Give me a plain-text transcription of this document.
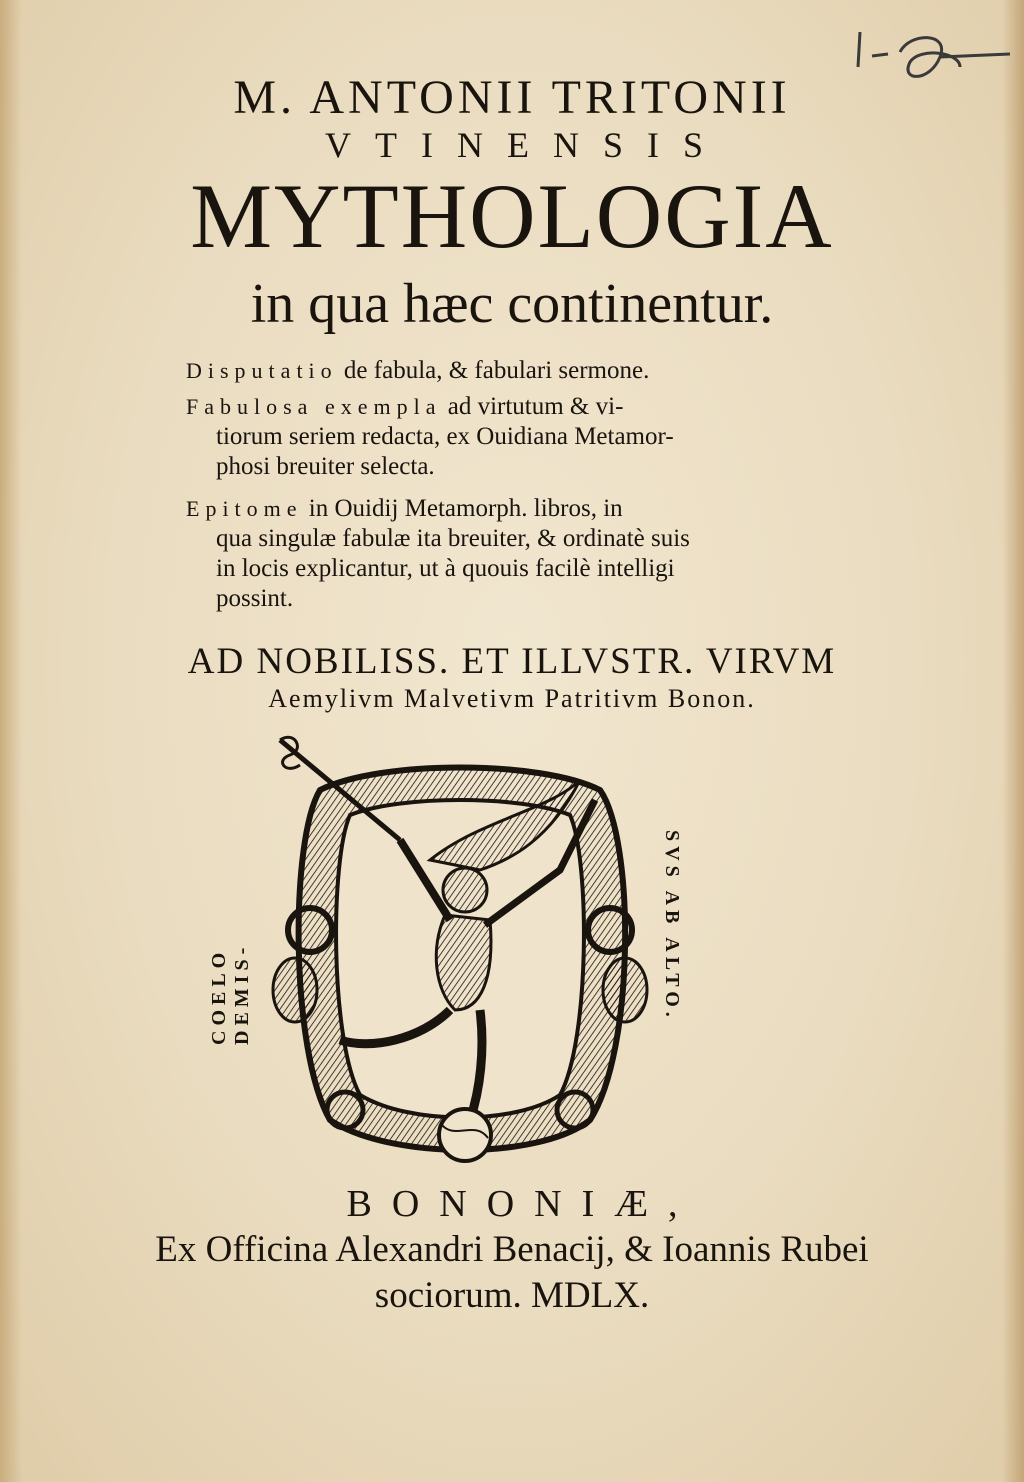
M. ANTONII TRITONII
VTINENSIS
MYTHOLOGIA
in qua hæc continentur.
Disputatio de fabula, & fabulari sermone.
Fabulosa exempla ad virtutum & vi-
tiorum seriem redacta, ex Ouidiana Metamor-
phosi breuiter selecta.
Epitome in Ouidij Metamorph. libros, in
qua singulæ fabulæ ita breuiter, & ordinatè suis
in locis explicantur, ut à quouis facilè intelligi
possint.
AD NOBILISS. ET ILLVSTR. VIRVM
Aemylivm Malvetivm Patritivm Bonon.
COELO DEMIS-	SVS AB ALTO.
BONONIÆ,
Ex Officina Alexandri Benacij, & Ioannis Rubei
sociorum. MDLX.
